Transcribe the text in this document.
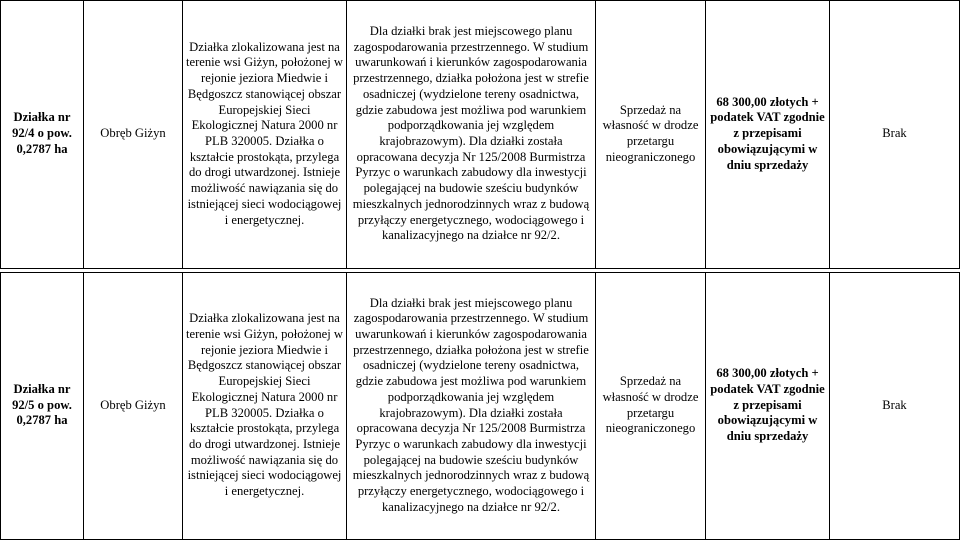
Działka nr 92/4 o pow. 0,2787 ha
Obręb Giżyn
Działka zlokalizowana jest na terenie wsi Giżyn, położonej w rejonie jeziora Miedwie i Będgoszcz stanowiącej obszar Europejskiej Sieci Ekologicznej Natura 2000 nr PLB 320005. Działka o kształcie prostokąta, przylega do drogi utwardzonej. Istnieje możliwość nawiązania się do istniejącej sieci wodociągowej i energetycznej.
Dla działki brak jest miejscowego planu zagospodarowania przestrzennego. W studium uwarunkowań i kierunków zagospodarowania przestrzennego, działka położona jest w strefie osadniczej (wydzielone tereny osadnictwa, gdzie zabudowa jest możliwa pod warunkiem podporządkowania jej względem krajobrazowym). Dla działki została opracowana decyzja Nr 125/2008 Burmistrza Pyrzyc o warunkach zabudowy dla inwestycji polegającej na budowie sześciu budynków mieszkalnych jednorodzinnych wraz z budową przyłączy energetycznego, wodociągowego i kanalizacyjnego na działce nr 92/2.
Sprzedaż na własność w drodze przetargu nieograniczonego
68 300,00 złotych + podatek VAT zgodnie z przepisami obowiązującymi w dniu sprzedaży
Brak
Działka nr 92/5 o pow. 0,2787 ha
Obręb Giżyn
Działka zlokalizowana jest na terenie wsi Giżyn, położonej w rejonie jeziora Miedwie i Będgoszcz stanowiącej obszar Europejskiej Sieci Ekologicznej Natura 2000 nr PLB 320005. Działka o kształcie prostokąta, przylega do drogi utwardzonej. Istnieje możliwość nawiązania się do istniejącej sieci wodociągowej i energetycznej.
Dla działki brak jest miejscowego planu zagospodarowania przestrzennego. W studium uwarunkowań i kierunków zagospodarowania przestrzennego, działka położona jest w strefie osadniczej (wydzielone tereny osadnictwa, gdzie zabudowa jest możliwa pod warunkiem podporządkowania jej względem krajobrazowym). Dla działki została opracowana decyzja Nr 125/2008 Burmistrza Pyrzyc o warunkach zabudowy dla inwestycji polegającej na budowie sześciu budynków mieszkalnych jednorodzinnych wraz z budową przyłączy energetycznego, wodociągowego i kanalizacyjnego na działce nr 92/2.
Sprzedaż na własność w drodze przetargu nieograniczonego
68 300,00 złotych + podatek VAT zgodnie z przepisami obowiązującymi w dniu sprzedaży
Brak
